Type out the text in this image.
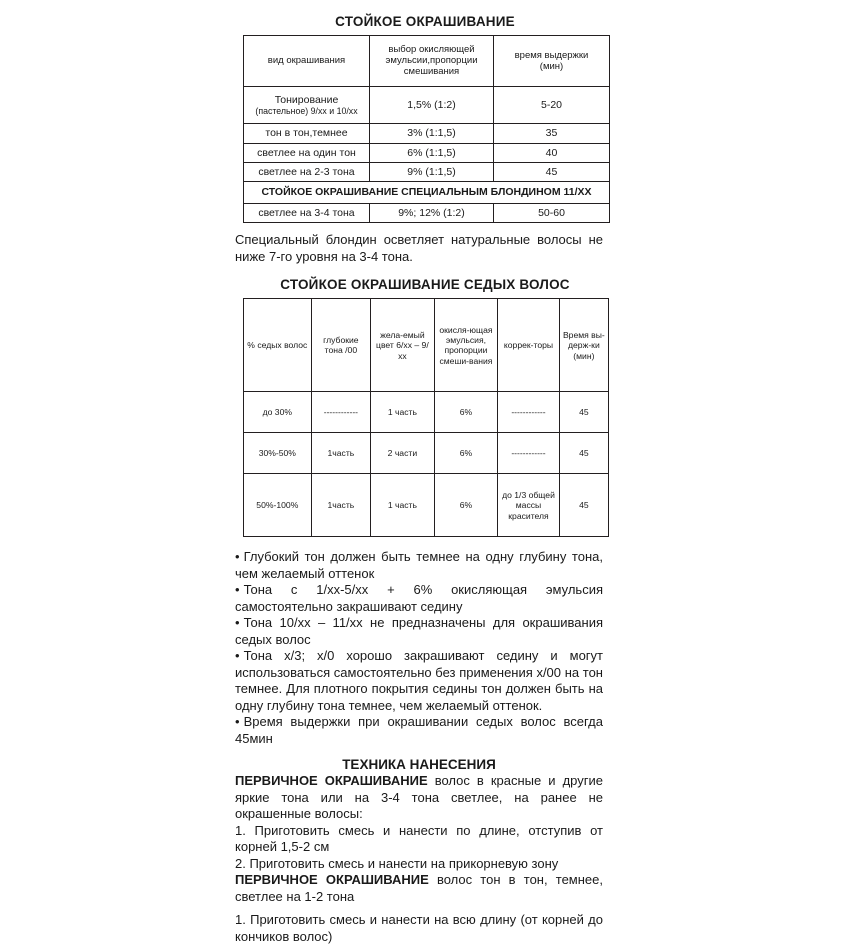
СТОЙКОЕ ОКРАШИВАНИЕ
вид окрашивания	выбор окисляющей эмульсии,пропорции смешивания	время выдержки
(мин)

Тонирование
(пастельное) 9/хх и 10/хх	1,5% (1:2)	5-20
тон в тон,темнее	3% (1:1,5)	35
светлее на один тон	6% (1:1,5)	40
светлее на 2-3 тона	9% (1:1,5)	45
СТОЙКОЕ ОКРАШИВАНИЕ СПЕЦИАЛЬНЫМ БЛОНДИНОМ 11/ХХ		
светлее на 3-4 тона	9%; 12% (1:2)	50-60

Специальный блондин осветляет натуральные волосы не ниже 7-го уровня на 3-4 тона.

СТОЙКОЕ ОКРАШИВАНИЕ СЕДЫХ ВОЛОС
% седых волос	глубокие тона /00	жела-емый цвет 6/хх – 9/хх	окисля-ющая эмульсия, пропорции смеши-вания	коррек-торы	Время вы-держ-ки (мин)
до 30%	------------	1 часть	6%	------------	45
30%-50%	1часть	2 части	6%	------------	45
50%-100%	1часть	1 часть	6%	до 1/3 общей массы красителя	45

• Глубокий тон должен быть темнее на одну глубину тона, чем желаемый оттенок

• Тона с 1/хх-5/хх + 6% окисляющая эмульсия самостоятельно закрашивают седину

• Тона 10/хх – 11/хх не предназначены для окрашивания седых волос

• Тона х/3; х/0 хорошо закрашивают седину и могут использоваться самостоятельно без применения х/00 на тон темнее. Для плотного покрытия седины тон должен быть на одну глубину тона темнее, чем желаемый оттенок.

• Время выдержки при окрашивании седых волос всегда 45мин

ТЕХНИКА НАНЕСЕНИЯ

ПЕРВИЧНОЕ ОКРАШИВАНИЕ волос в красные и другие яркие тона или на 3-4 тона светлее, на ранее не окрашенные волосы:

1. Приготовить смесь и нанести по длине, отступив от корней 1,5-2 см

2. Приготовить смесь и нанести на прикорневую зону

ПЕРВИЧНОЕ ОКРАШИВАНИЕ волос тон в тон, темнее, светлее на 1-2 тона

1. Приготовить смесь и нанести на всю длину (от корней до кончиков волос)
